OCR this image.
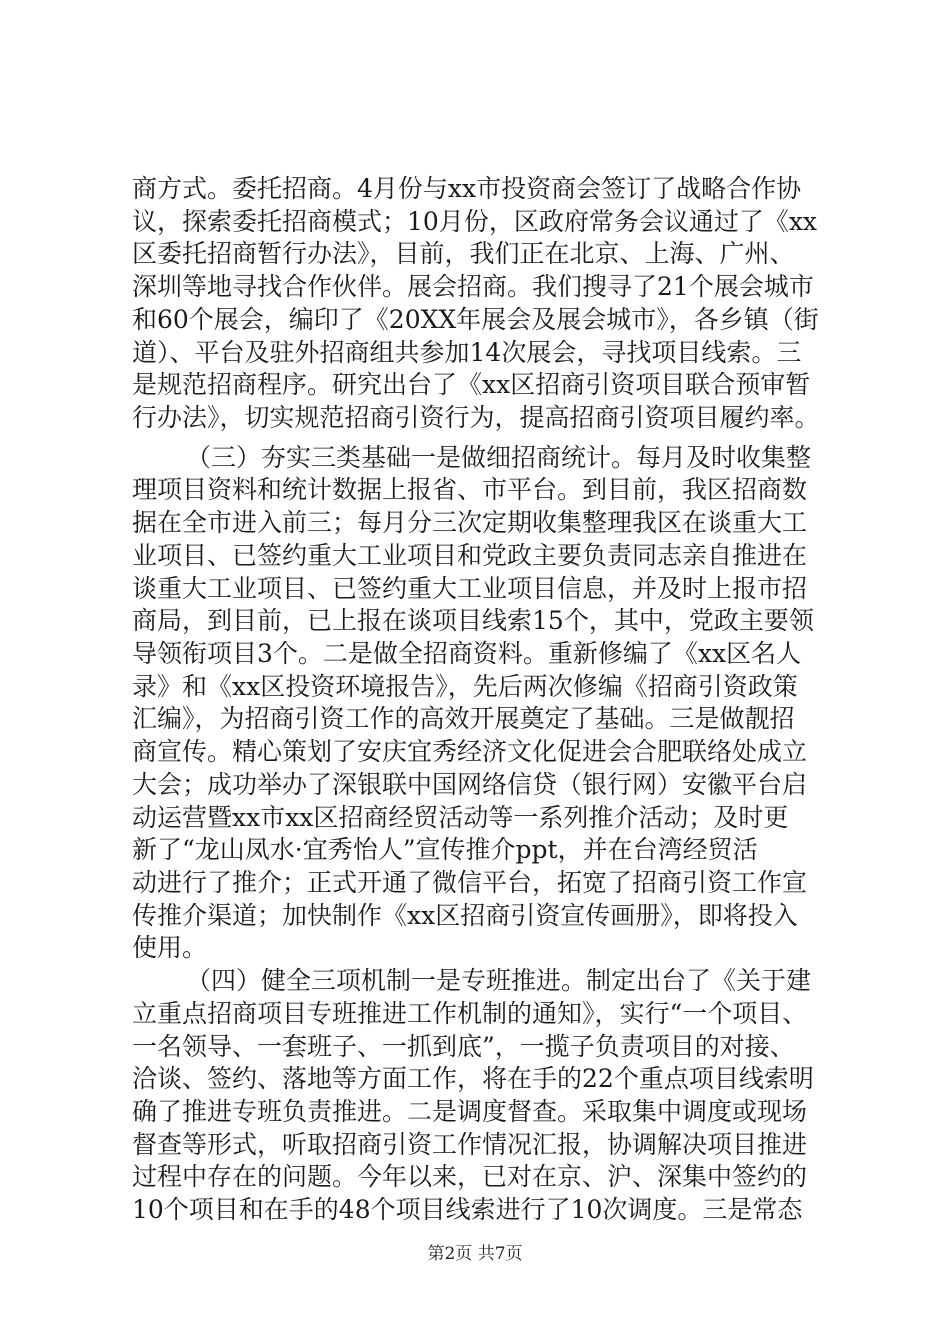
商方式。委托招商。4月份与xx市投资商会签订了战略合作协
议，探索委托招商模式；10月份，区政府常务会议通过了《xx
区委托招商暂行办法》，目前，我们正在北京、上海、广州、
深圳等地寻找合作伙伴。展会招商。我们搜寻了21个展会城市
和60个展会，编印了《20XX年展会及展会城市》，各乡镇（街
道）、平台及驻外招商组共参加14次展会，寻找项目线索。三
是规范招商程序。研究出台了《xx区招商引资项目联合预审暂
行办法》，切实规范招商引资行为，提高招商引资项目履约率。
（三）夯实三类基础一是做细招商统计。每月及时收集整
理项目资料和统计数据上报省、市平台。到目前，我区招商数
据在全市进入前三；每月分三次定期收集整理我区在谈重大工
业项目、已签约重大工业项目和党政主要负责同志亲自推进在
谈重大工业项目、已签约重大工业项目信息，并及时上报市招
商局，到目前，已上报在谈项目线索15个，其中，党政主要领
导领衔项目3个。二是做全招商资料。重新修编了《xx区名人
录》和《xx区投资环境报告》，先后两次修编《招商引资政策
汇编》，为招商引资工作的高效开展奠定了基础。三是做靓招
商宣传。精心策划了安庆宜秀经济文化促进会合肥联络处成立
大会；成功举办了深银联中国网络信贷（银行网）安徽平台启
动运营暨xx市xx区招商经贸活动等一系列推介活动；及时更
新了“龙山凤水·宜秀怡人”宣传推介ppt，并在台湾经贸活
动进行了推介；正式开通了微信平台，拓宽了招商引资工作宣
传推介渠道；加快制作《xx区招商引资宣传画册》，即将投入
使用。
（四）健全三项机制一是专班推进。制定出台了《关于建
立重点招商项目专班推进工作机制的通知》，实行“一个项目、
一名领导、一套班子、一抓到底”，一揽子负责项目的对接、
洽谈、签约、落地等方面工作，将在手的22个重点项目线索明
确了推进专班负责推进。二是调度督查。采取集中调度或现场
督查等形式，听取招商引资工作情况汇报，协调解决项目推进
过程中存在的问题。今年以来，已对在京、沪、深集中签约的
10个项目和在手的48个项目线索进行了10次调度。三是常态
第2页 共7页
